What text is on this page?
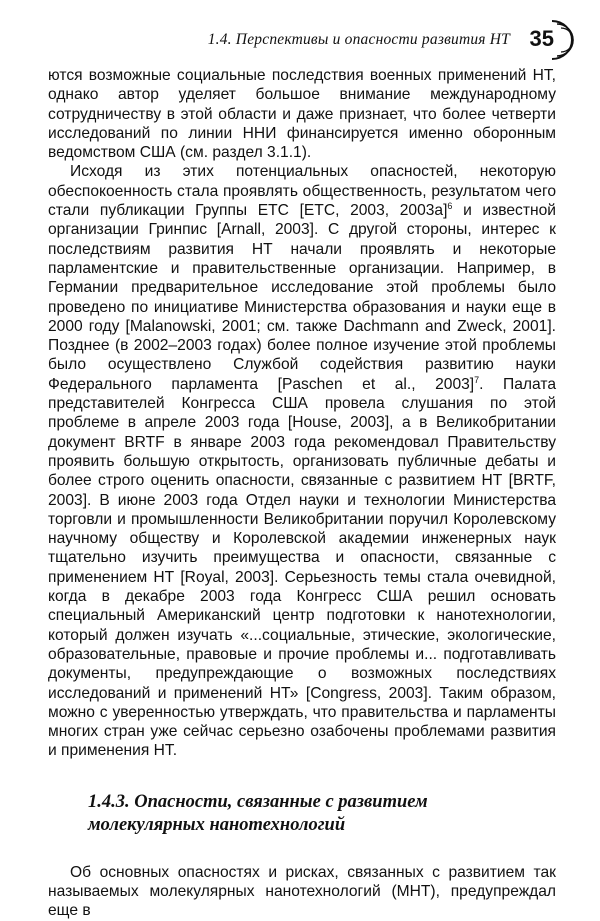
1.4. Перспективы и опасности развития НТ 35

ются возможные социальные последствия военных применений НТ, однако автор уделяет большое внимание международному сотрудничеству в этой области и даже признает, что более четверти исследований по линии ННИ финансируется именно оборонным ведомством США (см. раздел 3.1.1).

Исходя из этих потенциальных опасностей, некоторую обеспокоенность стала проявлять общественность, результатом чего стали публикации Группы ETC [ETC, 2003, 2003a]$^6$ и известной организации Гринпис [Arnall, 2003]. С другой стороны, интерес к последствиям развития НТ начали проявлять и некоторые парламентские и правительственные организации. Например, в Германии предварительное исследование этой проблемы было проведено по инициативе Министерства образования и науки еще в 2000 году [Malanowski, 2001; см. также Dachmann and Zweck, 2001]. Позднее (в 2002–2003 годах) более полное изучение этой проблемы было осуществлено Службой содействия развитию науки Федерального парламента [Paschen et al., 2003]$^7$. Палата представителей Конгресса США провела слушания по этой проблеме в апреле 2003 года [House, 2003], а в Великобритании документ BRTF в январе 2003 года рекомендовал Правительству проявить большую открытость, организовать публичные дебаты и более строго оценить опасности, связанные с развитием НТ [BRTF, 2003]. В июне 2003 года Отдел науки и технологии Министерства торговли и промышленности Великобритании поручил Королевскому научному обществу и Королевской академии инженерных наук тщательно изучить преимущества и опасности, связанные с применением НТ [Royal, 2003]. Серьезность темы стала очевидной, когда в декабре 2003 года Конгресс США решил основать специальный Американский центр подготовки к нанотехнологии, который должен изучать «...социальные, этические, экологические, образовательные, правовые и прочие проблемы и... подготавливать документы, предупреждающие о возможных последствиях исследований и применений НТ» [Congress, 2003]. Таким образом, можно с уверенностью утверждать, что правительства и парламенты многих стран уже сейчас серьезно озабочены проблемами развития и применения НТ.

1.4.3. Опасности, связанные с развитием
молекулярных нанотехнологий

Об основных опасностях и рисках, связанных с развитием так называемых молекулярных нанотехнологий (МНТ), предупреждал еще в
